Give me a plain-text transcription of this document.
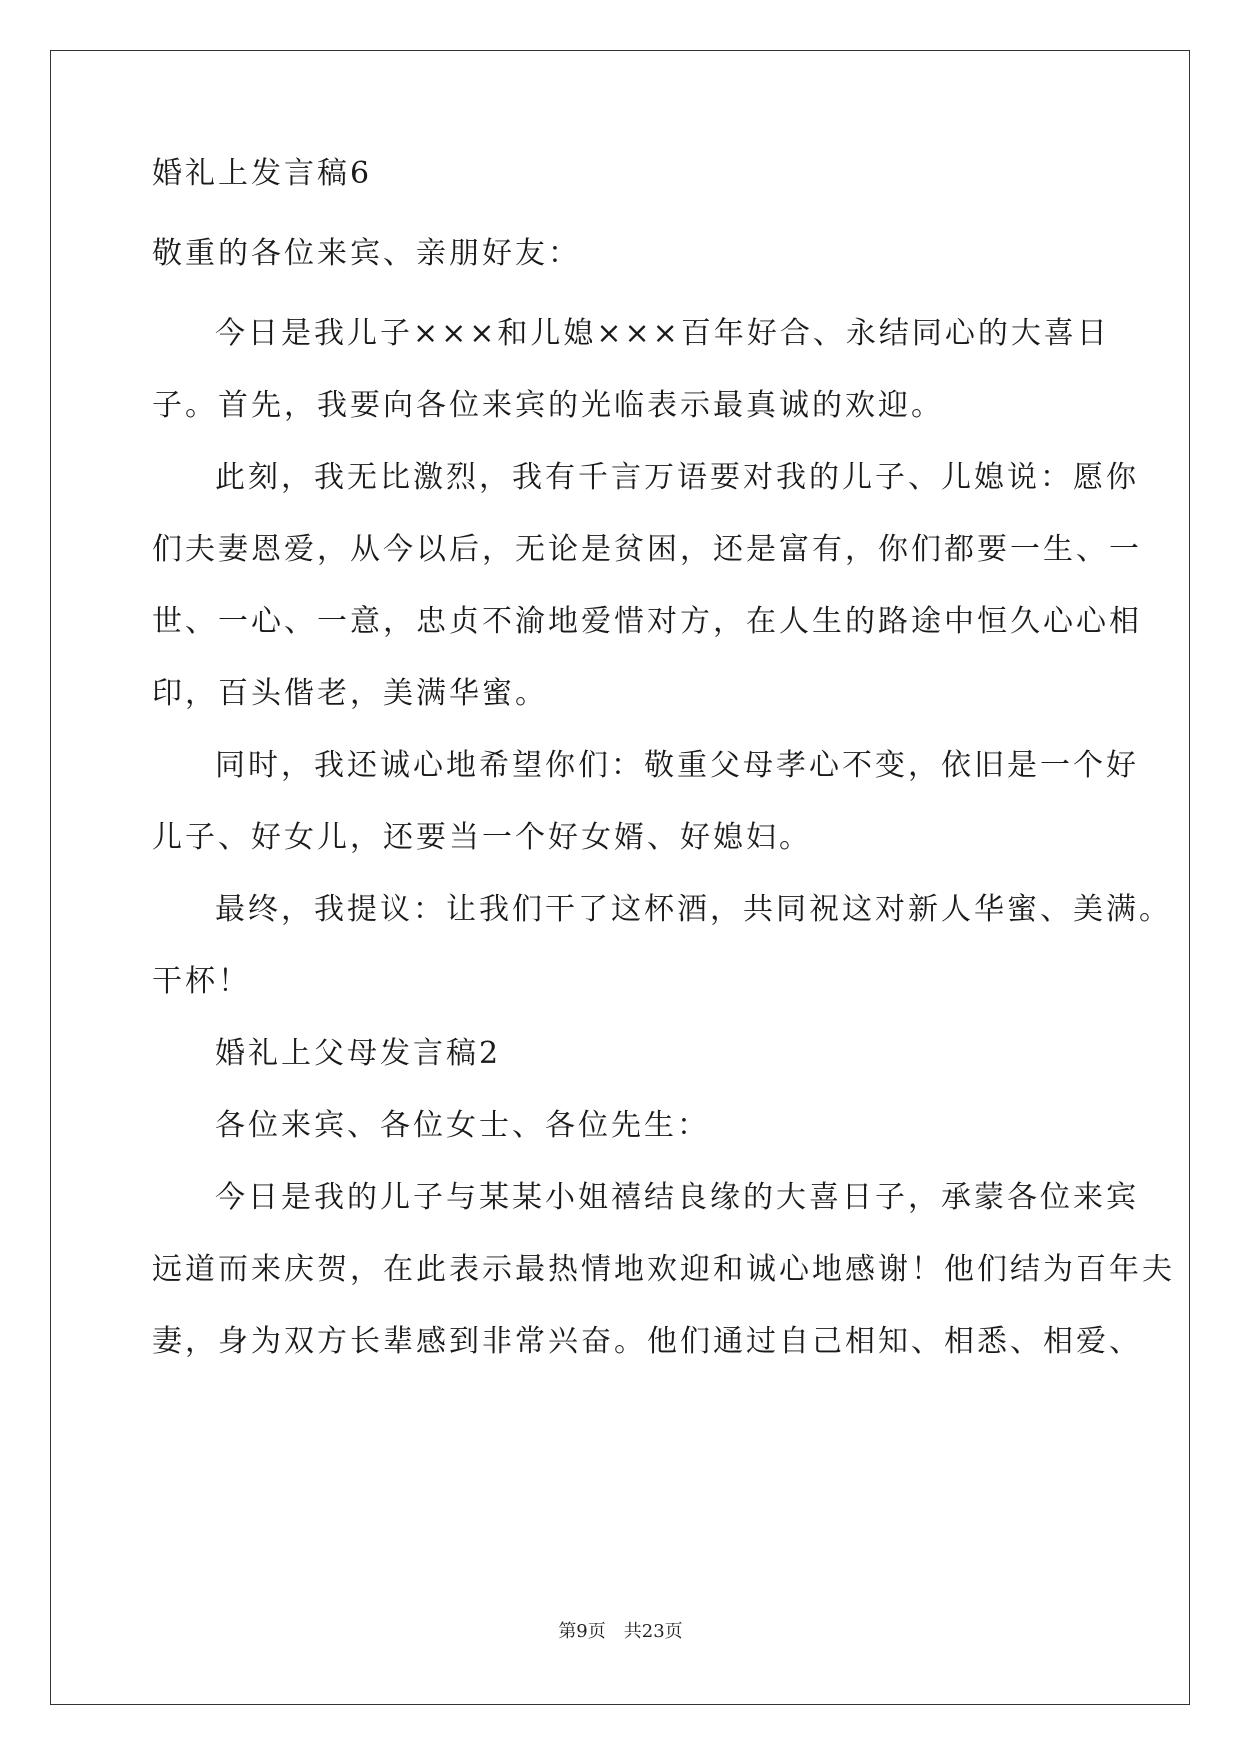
婚礼上发言稿6
敬重的各位来宾、亲朋好友：
今日是我儿子×××和儿媳×××百年好合、永结同心的大喜日
子。首先，我要向各位来宾的光临表示最真诚的欢迎。
此刻，我无比激烈，我有千言万语要对我的儿子、儿媳说：愿你
们夫妻恩爱，从今以后，无论是贫困，还是富有，你们都要一生、一
世、一心、一意，忠贞不渝地爱惜对方，在人生的路途中恒久心心相
印，百头偕老，美满华蜜。
同时，我还诚心地希望你们：敬重父母孝心不变，依旧是一个好
儿子、好女儿，还要当一个好女婿、好媳妇。
最终，我提议：让我们干了这杯酒，共同祝这对新人华蜜、美满。
干杯！
婚礼上父母发言稿2
各位来宾、各位女士、各位先生：
今日是我的儿子与某某小姐禧结良缘的大喜日子，承蒙各位来宾
远道而来庆贺，在此表示最热情地欢迎和诚心地感谢！他们结为百年夫
妻，身为双方长辈感到非常兴奋。他们通过自己相知、相悉、相爱、
第9页 共23页
